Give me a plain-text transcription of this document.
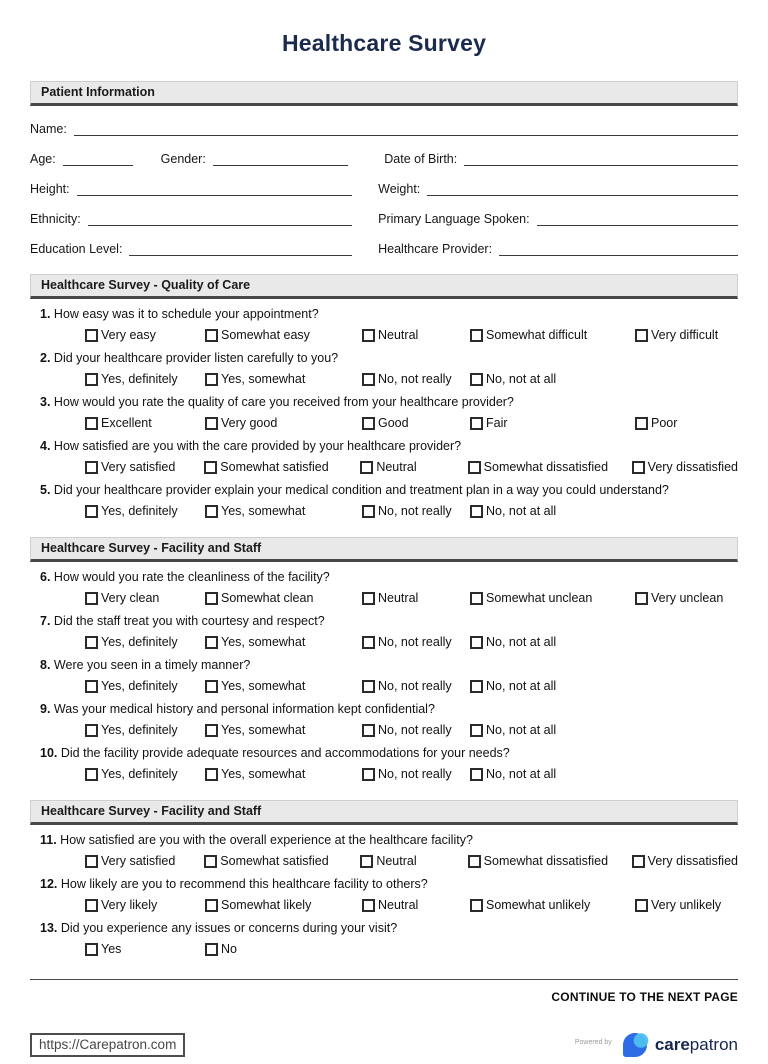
Healthcare Survey
Patient Information
Name:
Age:	Gender:	Date of Birth:
Height:	Weight:
Ethnicity:	Primary Language Spoken:
Education Level:	Healthcare Provider:
Healthcare Survey - Quality of Care
1. How easy was it to schedule your appointment?
Very easy	Somewhat easy	Neutral	Somewhat difficult	Very difficult
2. Did your healthcare provider listen carefully to you?
Yes, definitely	Yes, somewhat	No, not really	No, not at all
3. How would you rate the quality of care you received from your healthcare provider?
Excellent	Very good	Good	Fair	Poor
4. How satisfied are you with the care provided by your healthcare provider?
Very satisfied	Somewhat satisfied	Neutral	Somewhat dissatisfied	Very dissatisfied
5. Did your healthcare provider explain your medical condition and treatment plan in a way you could understand?
Yes, definitely	Yes, somewhat	No, not really	No, not at all
Healthcare Survey - Facility and Staff
6. How would you rate the cleanliness of the facility?
Very clean	Somewhat clean	Neutral	Somewhat unclean	Very unclean
7. Did the staff treat you with courtesy and respect?
Yes, definitely	Yes, somewhat	No, not really	No, not at all
8. Were you seen in a timely manner?
Yes, definitely	Yes, somewhat	No, not really	No, not at all
9. Was your medical history and personal information kept confidential?
Yes, definitely	Yes, somewhat	No, not really	No, not at all
10. Did the facility provide adequate resources and accommodations for your needs?
Yes, definitely	Yes, somewhat	No, not really	No, not at all
Healthcare Survey - Facility and Staff
11. How satisfied are you with the overall experience at the healthcare facility?
Very satisfied	Somewhat satisfied	Neutral	Somewhat dissatisfied	Very dissatisfied
12. How likely are you to recommend this healthcare facility to others?
Very likely	Somewhat likely	Neutral	Somewhat unlikely	Very unlikely
13. Did you experience any issues or concerns during your visit?
Yes	No
CONTINUE TO THE NEXT PAGE
https://Carepatron.com	Powered by	carepatron
